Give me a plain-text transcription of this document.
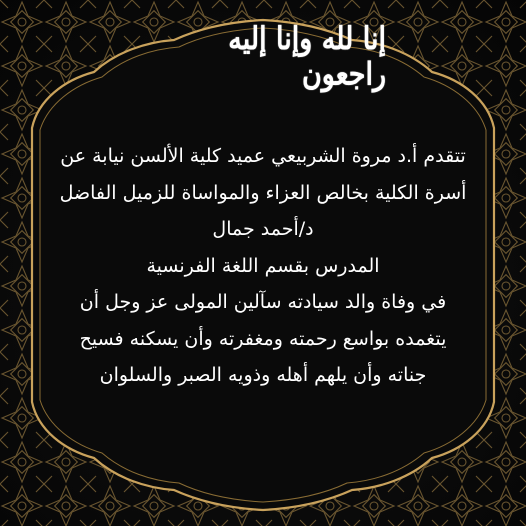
إنا لله وإنا إليه راجعون
تتقدم أ.د مروة الشربيعي عميد كلية الألسن نيابة عن
أسرة الكلية بخالص العزاء والمواساة للزميل الفاضل
د/أحمد جمال
المدرس بقسم اللغة الفرنسية
في وفاة والد سيادته سآلين المولى عز وجل أن
يتغمده بواسع رحمته ومغفرته وأن يسكنه فسيح
جناته وأن يلهم أهله وذويه الصبر والسلوان
